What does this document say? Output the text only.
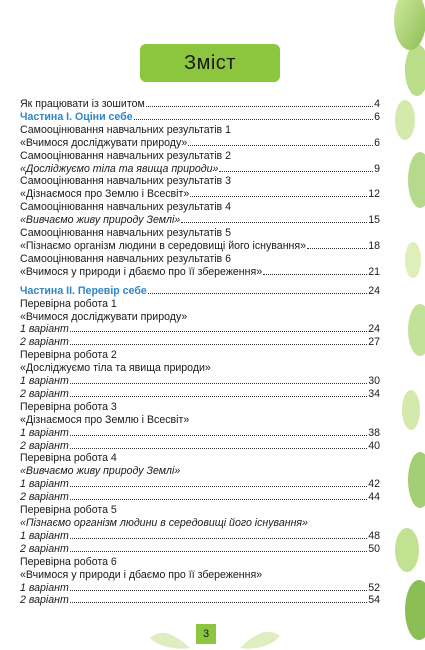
Зміст
Як працювати із зошитом	4
Частина І. Оціни себе	6
Самооцінювання навчальних результатів 1
«Вчимося досліджувати природу»	6
Самооцінювання навчальних результатів 2
«Досліджуємо тіла та явища природи»	9
Самооцінювання навчальних результатів 3
«Дізнаємося про Землю і Всесвіт»	12
Самооцінювання навчальних результатів 4
«Вивчаємо живу природу Землі»	15
Самооцінювання навчальних результатів 5
«Пізнаємо організм людини в середовищі його існування»	18
Самооцінювання навчальних результатів 6
«Вчимося у природи і дбаємо про її збереження»	21
Частина ІІ. Перевір себе	24
Перевірна робота 1
«Вчимося досліджувати природу»
1 варіант	24
2 варіант	27
Перевірна робота 2
«Досліджуємо тіла та явища природи»
1 варіант	30
2 варіант	34
Перевірна робота 3
«Дізнаємося про Землю і Всесвіт»
1 варіант	38
2 варіант	40
Перевірна робота 4
«Вивчаємо живу природу Землі»
1 варіант	42
2 варіант	44
Перевірна робота 5
«Пізнаємо організм людини в середовищі його існування»
1 варіант	48
2 варіант	50
Перевірна робота 6
«Вчимося у природи і дбаємо про її збереження»
1 варіант	52
2 варіант	54
3
